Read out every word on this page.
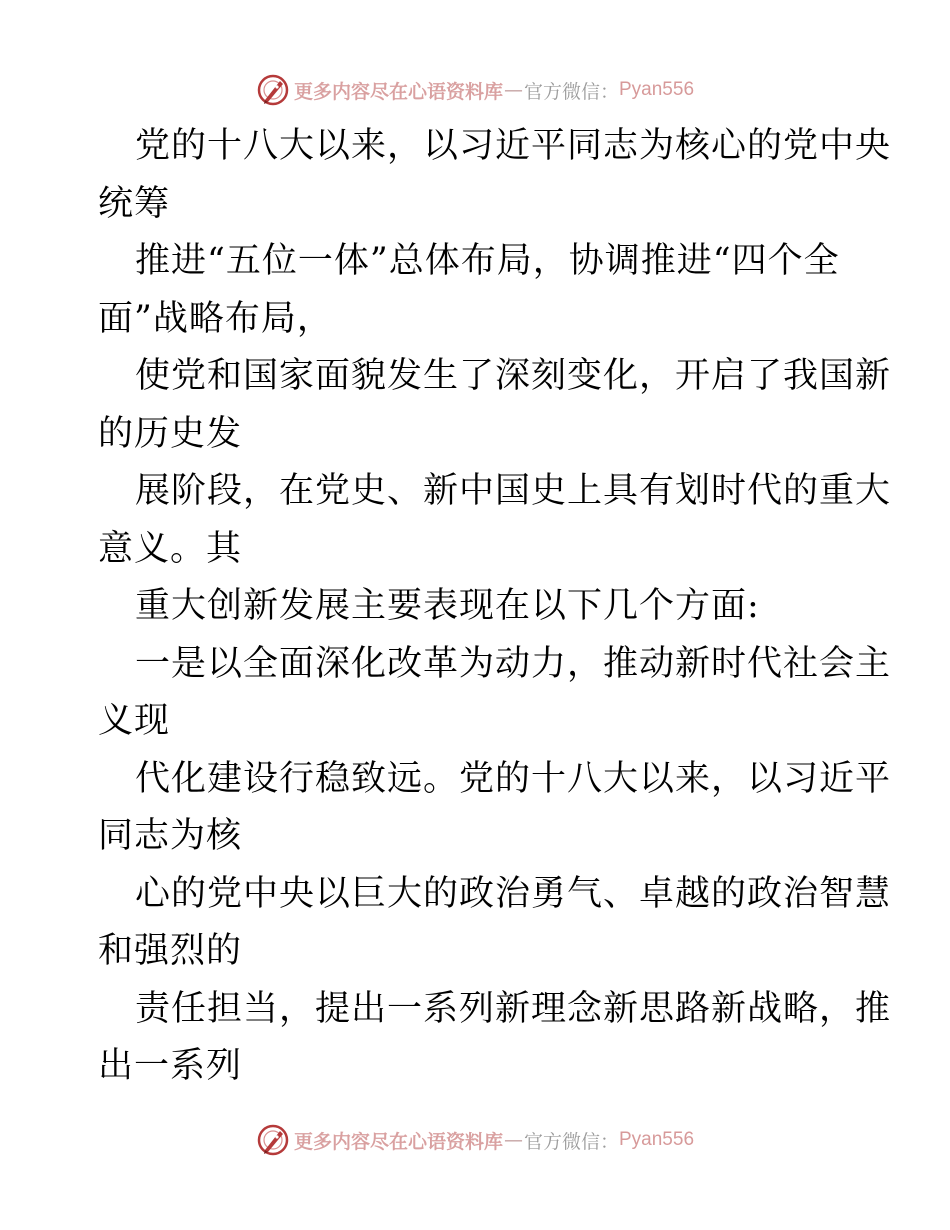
更多内容尽在心语资料库 — 官方微信： Pyan556
党的十八大以来，以习近平同志为核心的党中央
统筹
推进“五位一体”总体布局，协调推进“四个全
面”战略布局，
使党和国家面貌发生了深刻变化，开启了我国新
的历史发
展阶段，在党史、新中国史上具有划时代的重大
意义。其
重大创新发展主要表现在以下几个方面:
一是以全面深化改革为动力，推动新时代社会主
义现
代化建设行稳致远。党的十八大以来，以习近平
同志为核
心的党中央以巨大的政治勇气、卓越的政治智慧
和强烈的
责任担当，提出一系列新理念新思路新战略，推
出一系列
更多内容尽在心语资料库 — 官方微信： Pyan556
